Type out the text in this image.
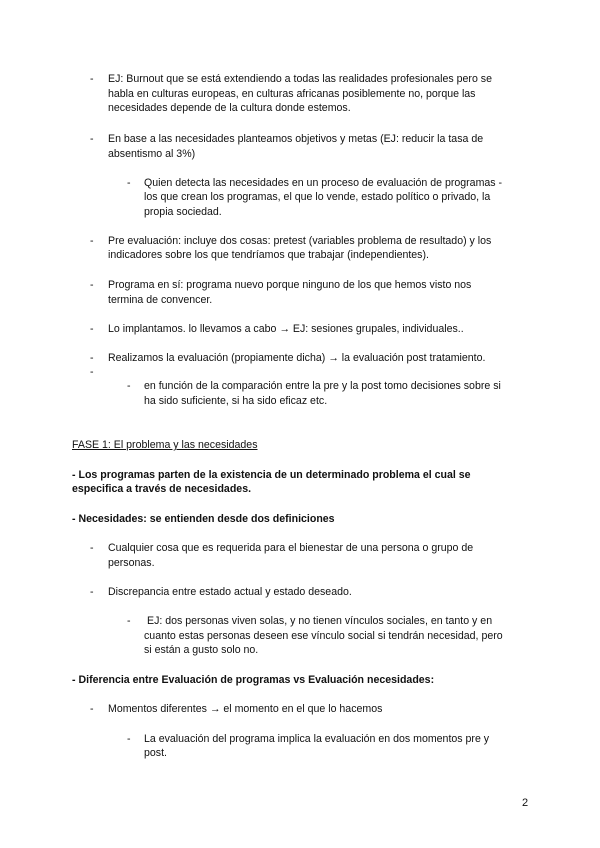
- EJ: Burnout que se está extendiendo a todas las realidades profesionales pero se
habla en culturas europeas, en culturas africanas posiblemente no, porque las
necesidades depende de la cultura donde estemos.
- En base a las necesidades planteamos objetivos y metas (EJ: reducir la tasa de
absentismo al 3%)
- Quien detecta las necesidades en un proceso de evaluación de programas -
los que crean los programas, el que lo vende, estado político o privado, la
propia sociedad.
- Pre evaluación: incluye dos cosas: pretest (variables problema de resultado) y los
indicadores sobre los que tendríamos que trabajar (independientes).
- Programa en sí: programa nuevo porque ninguno de los que hemos visto nos
termina de convencer.
- Lo implantamos. lo llevamos a cabo → EJ: sesiones grupales, individuales..
- Realizamos la evaluación (propiamente dicha) → la evaluación post tratamiento.
-
- en función de la comparación entre la pre y la post tomo decisiones sobre si
ha sido suficiente, si ha sido eficaz etc.
FASE 1: El problema y las necesidades
- Los programas parten de la existencia de un determinado problema el cual se
especifica a través de necesidades.
- Necesidades: se entienden desde dos definiciones
- Cualquier cosa que es requerida para el bienestar de una persona o grupo de
personas.
- Discrepancia entre estado actual y estado deseado.
- EJ: dos personas viven solas, y no tienen vínculos sociales, en tanto y en
cuanto estas personas deseen ese vínculo social si tendrán necesidad, pero
si están a gusto solo no.
- Diferencia entre Evaluación de programas vs Evaluación necesidades:
- Momentos diferentes → el momento en el que lo hacemos
- La evaluación del programa implica la evaluación en dos momentos pre y
post.
2
